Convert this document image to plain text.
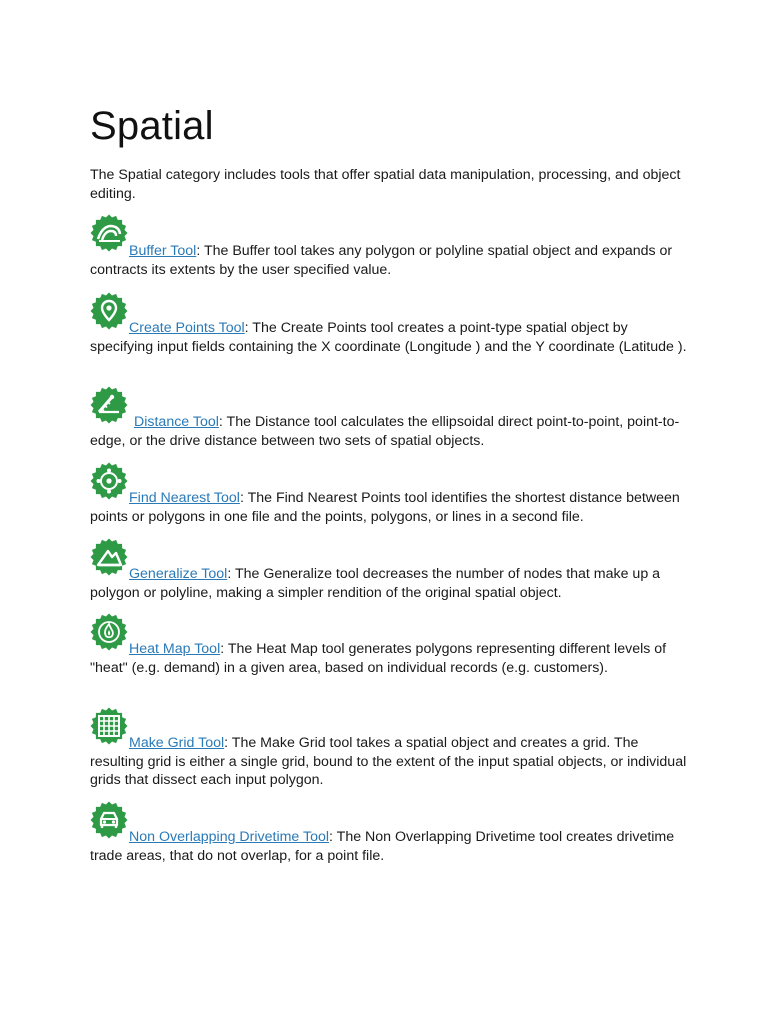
Spatial

The Spatial category includes tools that offer spatial data manipulation, processing, and object editing.

Buffer Tool: The Buffer tool takes any polygon or polyline spatial object and expands or contracts its extents by the user specified value.

Create Points Tool: The Create Points tool creates a point-type spatial object by specifying input fields containing the X coordinate (Longitude ) and the Y coordinate (Latitude ).

Distance Tool: The Distance tool calculates the ellipsoidal direct point-to-point, point-to-edge, or the drive distance between two sets of spatial objects.

Find Nearest Tool: The Find Nearest Points tool identifies the shortest distance between points or polygons in one file and the points, polygons, or lines in a second file.

Generalize Tool: The Generalize tool decreases the number of nodes that make up a polygon or polyline, making a simpler rendition of the original spatial object.

Heat Map Tool: The Heat Map tool generates polygons representing different levels of "heat" (e.g. demand) in a given area, based on individual records (e.g. customers).

Make Grid Tool: The Make Grid tool takes a spatial object and creates a grid. The resulting grid is either a single grid, bound to the extent of the input spatial objects, or individual grids that dissect each input polygon.

Non Overlapping Drivetime Tool: The Non Overlapping Drivetime tool creates drivetime trade areas, that do not overlap, for a point file.
